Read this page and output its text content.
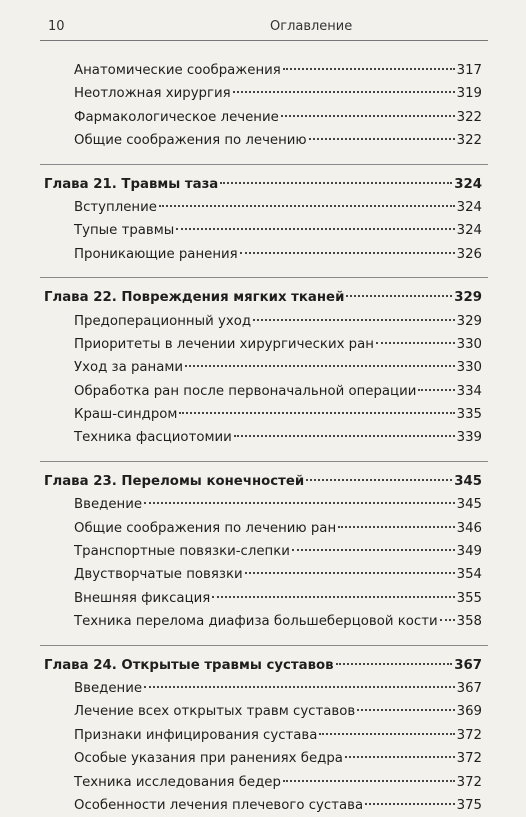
10	Оглавление
Анатомические соображения	317
Неотложная хирургия	319
Фармакологическое лечение	322
Общие соображения по лечению	322
Глава 21. Травмы таза	324
Вступление	324
Тупые травмы	324
Проникающие ранения	326
Глава 22. Повреждения мягких тканей	329
Предоперационный уход	329
Приоритеты в лечении хирургических ран	330
Уход за ранами	330
Обработка ран после первоначальной операции	334
Краш-синдром	335
Техника фасциотомии	339
Глава 23. Переломы конечностей	345
Введение	345
Общие соображения по лечению ран	346
Транспортные повязки-слепки	349
Двустворчатые повязки	354
Внешняя фиксация	355
Техника перелома диафиза большеберцовой кости 358
Глава 24. Открытые травмы суставов	367
Введение	367
Лечение всех открытых травм суставов	369
Признаки инфицирования сустава	372
Особые указания при ранениях бедра	372
Техника исследования бедер	372
Особенности лечения плечевого сустава	375
